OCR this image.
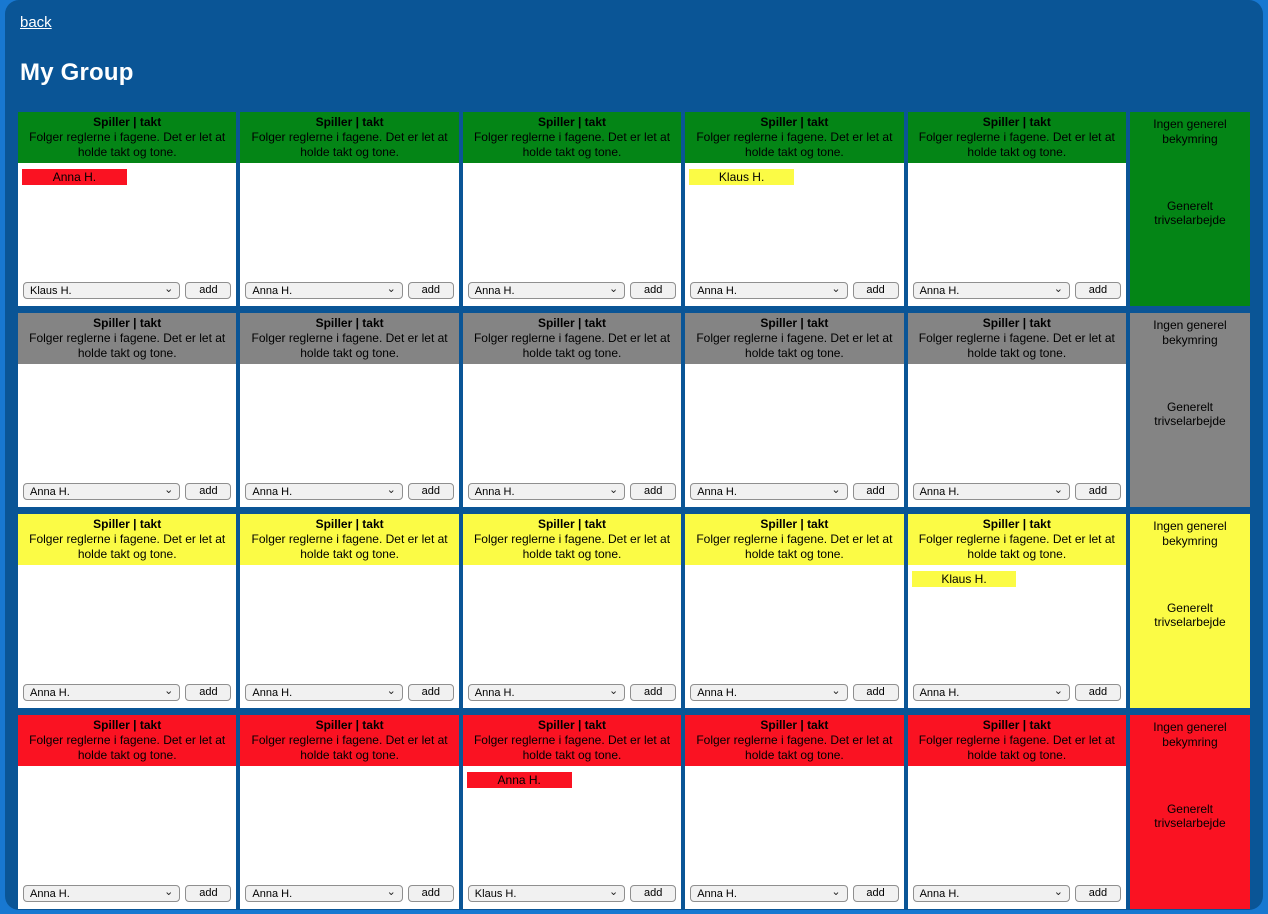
back
My Group
Spiller | takt
Folger reglerne i fagene. Det er let at holde takt og tone.
Anna H.
Klaus H.	⌄	add
Spiller | takt
Folger reglerne i fagene. Det er let at holde takt og tone.
Anna H.	⌄	add
Spiller | takt
Folger reglerne i fagene. Det er let at holde takt og tone.
Anna H.	⌄	add
Spiller | takt
Folger reglerne i fagene. Det er let at holde takt og tone.
Klaus H.
Anna H.	⌄	add
Spiller | takt
Folger reglerne i fagene. Det er let at holde takt og tone.
Anna H.	⌄	add
Ingen generel bekymring
Generelt trivselarbejde
Spiller | takt
Folger reglerne i fagene. Det er let at holde takt og tone.
Anna H.	⌄	add
Spiller | takt
Folger reglerne i fagene. Det er let at holde takt og tone.
Anna H.	⌄	add
Spiller | takt
Folger reglerne i fagene. Det er let at holde takt og tone.
Anna H.	⌄	add
Spiller | takt
Folger reglerne i fagene. Det er let at holde takt og tone.
Anna H.	⌄	add
Spiller | takt
Folger reglerne i fagene. Det er let at holde takt og tone.
Anna H.	⌄	add
Ingen generel bekymring
Generelt trivselarbejde
Spiller | takt
Folger reglerne i fagene. Det er let at holde takt og tone.
Anna H.	⌄	add
Spiller | takt
Folger reglerne i fagene. Det er let at holde takt og tone.
Anna H.	⌄	add
Spiller | takt
Folger reglerne i fagene. Det er let at holde takt og tone.
Anna H.	⌄	add
Spiller | takt
Folger reglerne i fagene. Det er let at holde takt og tone.
Anna H.	⌄	add
Spiller | takt
Folger reglerne i fagene. Det er let at holde takt og tone.
Klaus H.
Anna H.	⌄	add
Ingen generel bekymring
Generelt trivselarbejde
Spiller | takt
Folger reglerne i fagene. Det er let at holde takt og tone.
Anna H.	⌄	add
Spiller | takt
Folger reglerne i fagene. Det er let at holde takt og tone.
Anna H.	⌄	add
Spiller | takt
Folger reglerne i fagene. Det er let at holde takt og tone.
Anna H.
Klaus H.	⌄	add
Spiller | takt
Folger reglerne i fagene. Det er let at holde takt og tone.
Anna H.	⌄	add
Spiller | takt
Folger reglerne i fagene. Det er let at holde takt og tone.
Anna H.	⌄	add
Ingen generel bekymring
Generelt trivselarbejde
